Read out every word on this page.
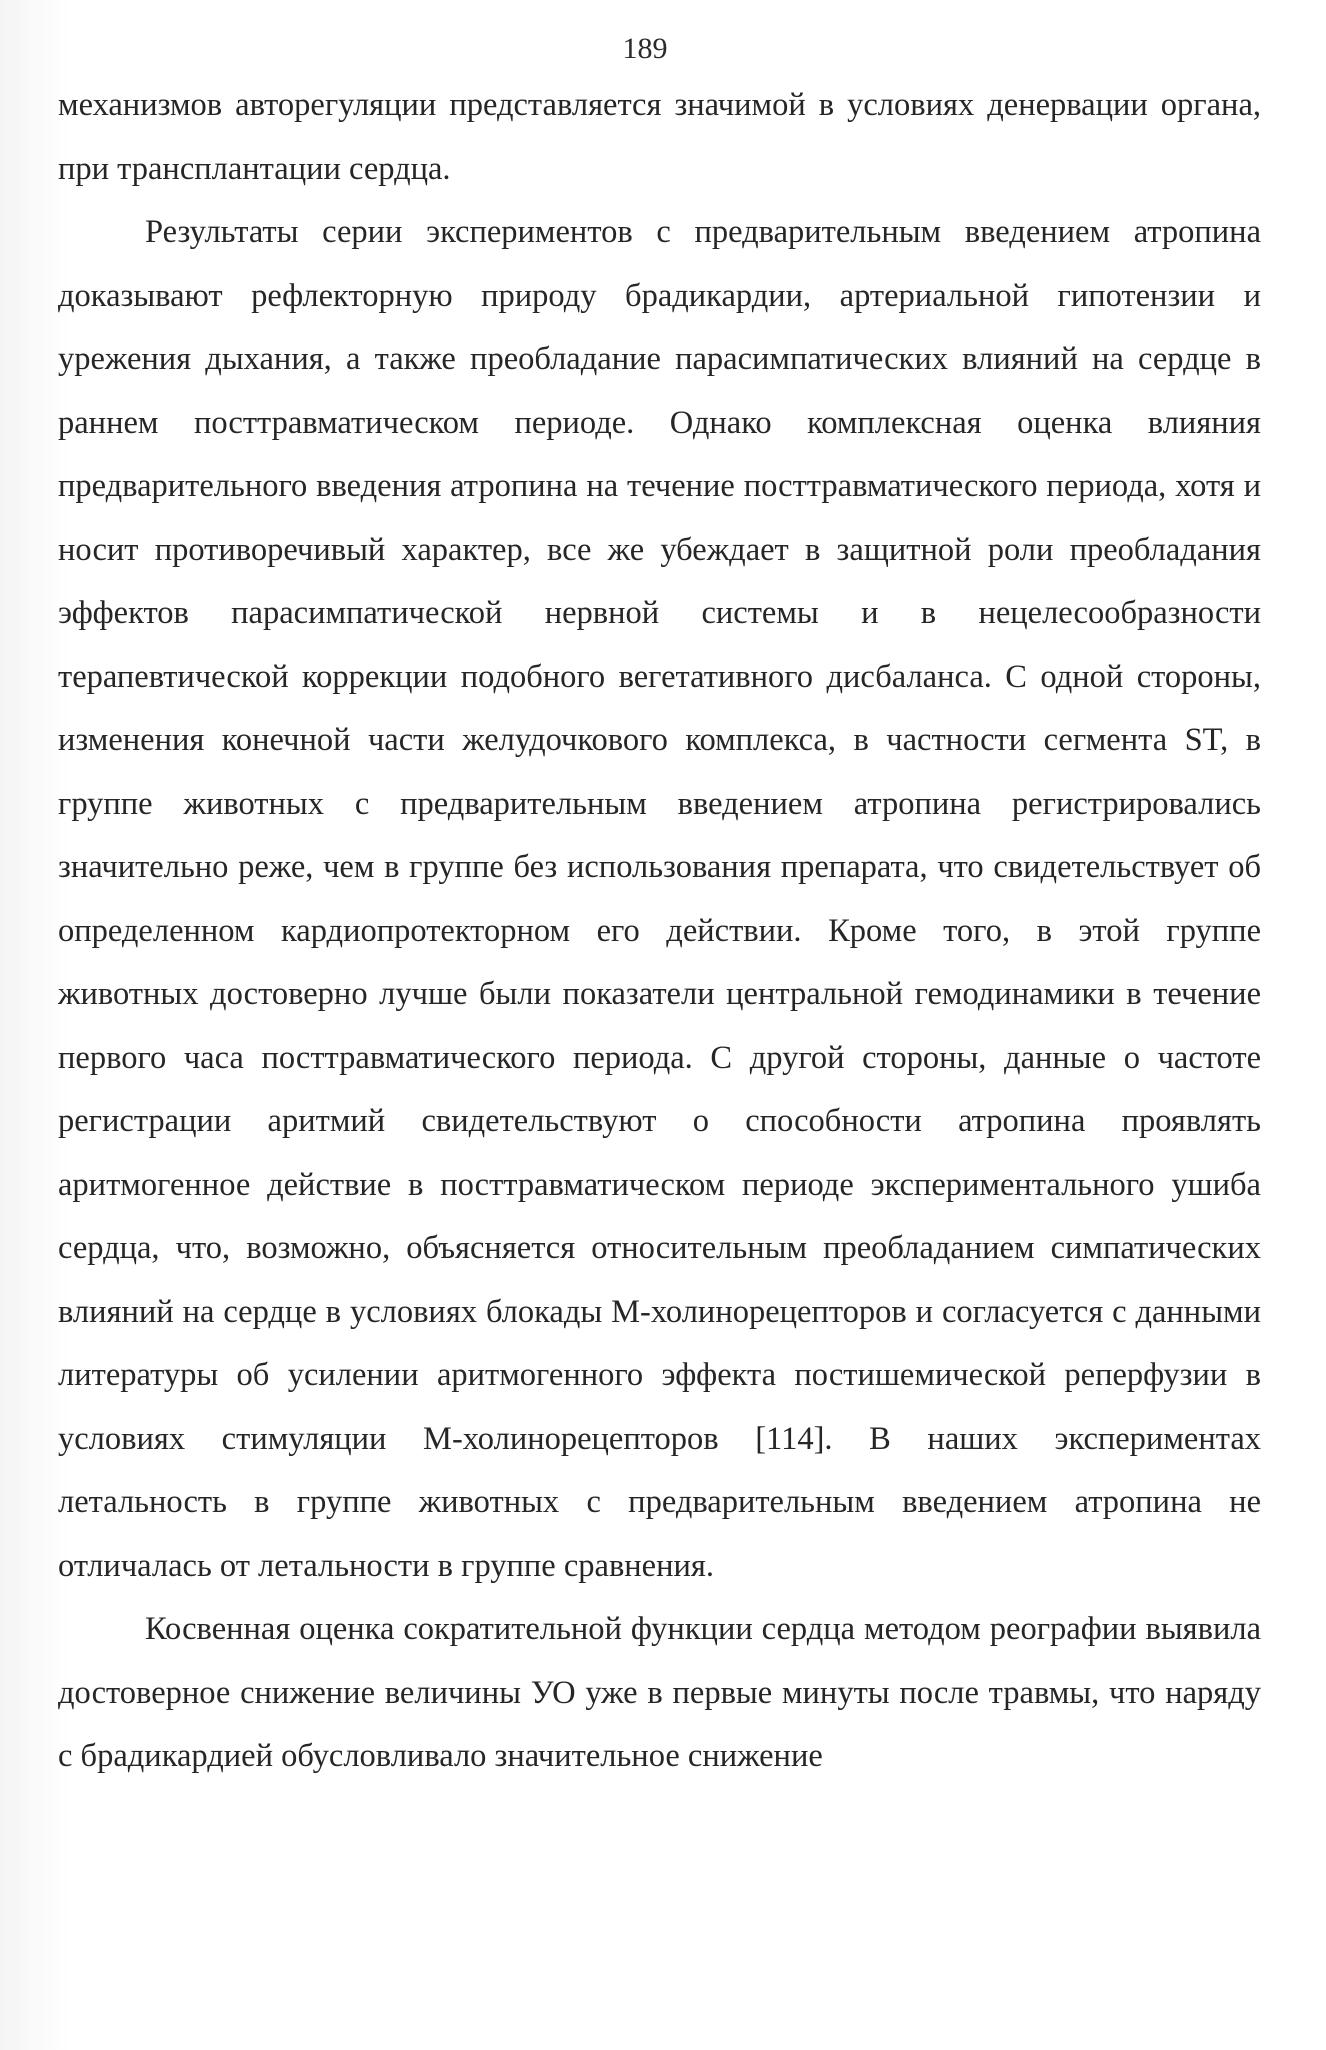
189

механизмов авторегуляции представляется значимой в условиях денервации органа, при трансплантации сердца.

Результаты серии экспериментов с предварительным введением атропина доказывают рефлекторную природу брадикардии, артериальной гипотензии и урежения дыхания, а также преобладание парасимпатических влияний на сердце в раннем посттравматическом периоде. Однако комплексная оценка влияния предварительного введения атропина на течение посттравматического периода, хотя и носит противоречивый характер, все же убеждает в защитной роли преобладания эффектов парасимпатической нервной системы и в нецелесообразности терапевтической коррекции подобного вегетативного дисбаланса. С одной стороны, изменения конечной части желудочкового комплекса, в частности сегмента ST, в группе животных с предварительным введением атропина регистрировались значительно реже, чем в группе без использования препарата, что свидетельствует об определенном кардиопротекторном его действии. Кроме того, в этой группе животных достоверно лучше были показатели центральной гемодинамики в течение первого часа посттравматического периода. С другой стороны, данные о частоте регистрации аритмий свидетельствуют о способности атропина проявлять аритмогенное действие в посттравматическом периоде экспериментального ушиба сердца, что, возможно, объясняется относительным преобладанием симпатических влияний на сердце в условиях блокады М-холинорецепторов и согласуется с данными литературы об усилении аритмогенного эффекта постишемической реперфузии в условиях стимуляции М-холинорецепторов [114]. В наших экспериментах летальность в группе животных с предварительным введением атропина не отличалась от летальности в группе сравнения.

Косвенная оценка сократительной функции сердца методом реографии выявила достоверное снижение величины УО уже в первые минуты после травмы, что наряду с брадикардией обусловливало значительное снижение
